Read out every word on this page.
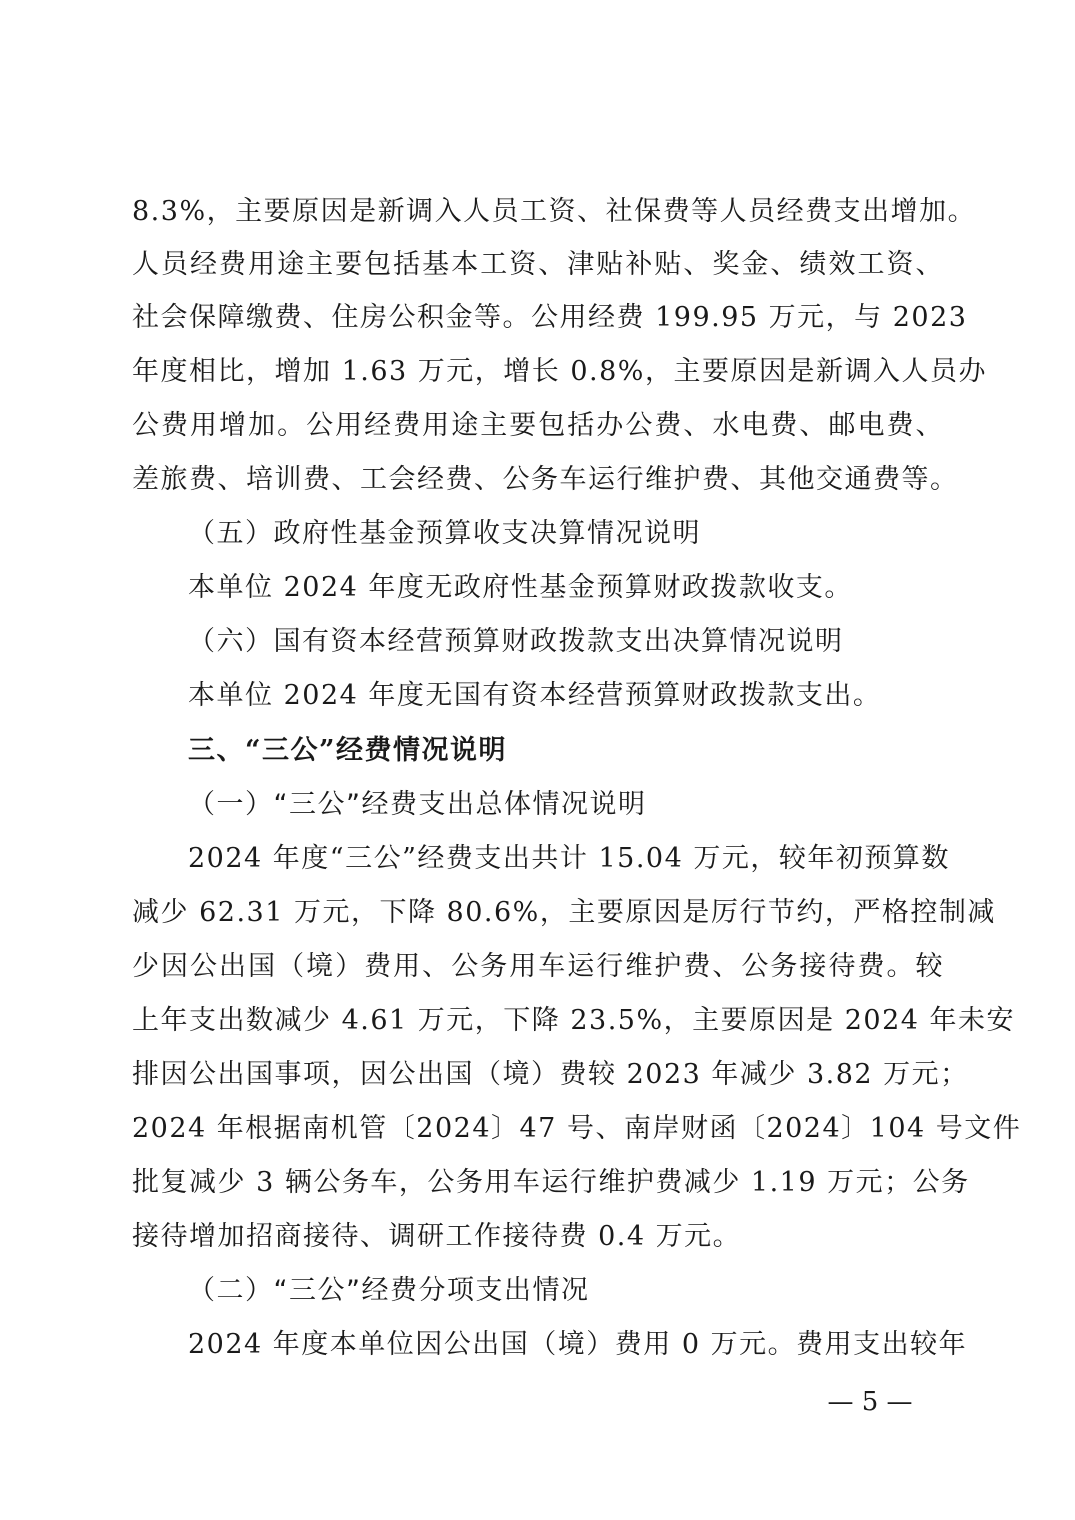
8.3%，主要原因是新调入人员工资、社保费等人员经费支出增加。
人员经费用途主要包括基本工资、津贴补贴、奖金、绩效工资、
社会保障缴费、住房公积金等。公用经费 199.95 万元，与 2023
年度相比，增加 1.63 万元，增长 0.8%，主要原因是新调入人员办
公费用增加。公用经费用途主要包括办公费、水电费、邮电费、
差旅费、培训费、工会经费、公务车运行维护费、其他交通费等。
（五）政府性基金预算收支决算情况说明
本单位 2024 年度无政府性基金预算财政拨款收支。
（六）国有资本经营预算财政拨款支出决算情况说明
本单位 2024 年度无国有资本经营预算财政拨款支出。
三、“三公”经费情况说明
（一）“三公”经费支出总体情况说明
2024 年度“三公”经费支出共计 15.04 万元，较年初预算数
减少 62.31 万元，下降 80.6%，主要原因是厉行节约，严格控制减
少因公出国（境）费用、公务用车运行维护费、公务接待费。较
上年支出数减少 4.61 万元，下降 23.5%，主要原因是 2024 年未安
排因公出国事项，因公出国（境）费较 2023 年减少 3.82 万元；
2024 年根据南机管〔2024〕47 号、南岸财函〔2024〕104 号文件
批复减少 3 辆公务车，公务用车运行维护费减少 1.19 万元；公务
接待增加招商接待、调研工作接待费 0.4 万元。
（二）“三公”经费分项支出情况
2024 年度本单位因公出国（境）费用 0 万元。费用支出较年
— 5 —
